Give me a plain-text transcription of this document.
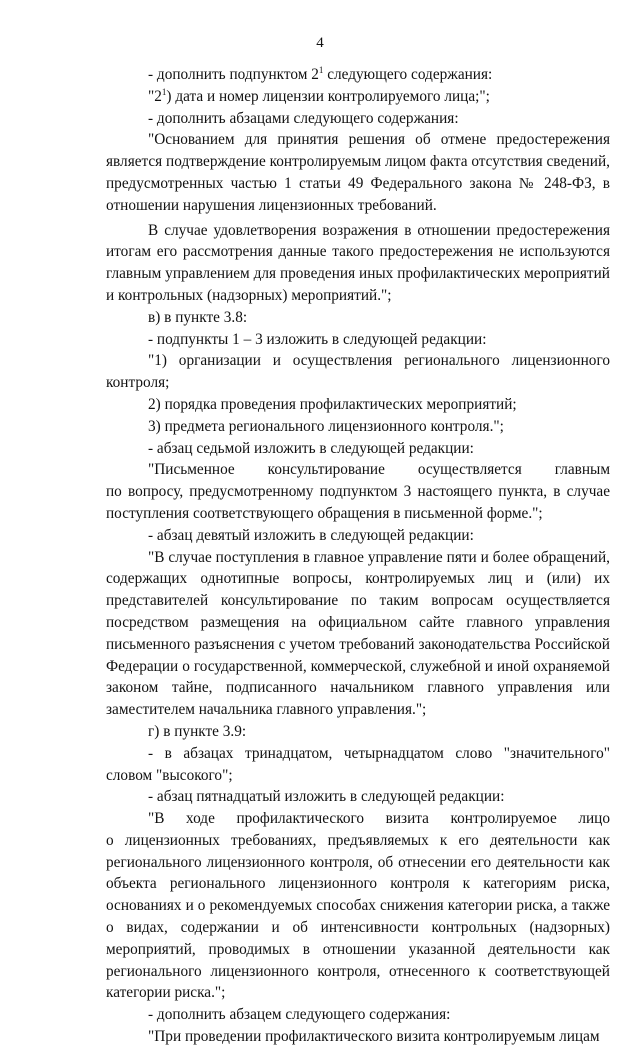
4
- дополнить подпунктом $2^1$ следующего содержания:
"$2^1$) дата и номер лицензии контролируемого лица;";
- дополнить абзацами следующего содержания:
"Основанием для принятия решения об отмене предостережения
является подтверждение контролируемым лицом факта отсутствия сведений,
предусмотренных частью 1 статьи 49 Федерального закона № 248-ФЗ, в
отношении нарушения лицензионных требований.
В случае удовлетворения возражения в отношении предостережения
итогам его рассмотрения данные такого предостережения не используются
главным управлением для проведения иных профилактических мероприятий
и контрольных (надзорных) мероприятий.";
в) в пункте 3.8:
- подпункты 1 – 3 изложить в следующей редакции:
"1) организации и осуществления регионального лицензионного
контроля;
2) порядка проведения профилактических мероприятий;
3) предмета регионального лицензионного контроля.";
- абзац седьмой изложить в следующей редакции:
"Письменное консультирование осуществляется главным
по вопросу, предусмотренному подпунктом 3 настоящего пункта, в случае
поступления соответствующего обращения в письменной форме.";
- абзац девятый изложить в следующей редакции:
"В случае поступления в главное управление пяти и более обращений,
содержащих однотипные вопросы, контролируемых лиц и (или) их
представителей консультирование по таким вопросам осуществляется
посредством размещения на официальном сайте главного управления
письменного разъяснения с учетом требований законодательства Российской
Федерации о государственной, коммерческой, служебной и иной охраняемой
законом тайне, подписанного начальником главного управления или
заместителем начальника главного управления.";
г) в пункте 3.9:
- в абзацах тринадцатом, четырнадцатом слово "значительного"
словом "высокого";
- абзац пятнадцатый изложить в следующей редакции:
"В ходе профилактического визита контролируемое лицо
о лицензионных требованиях, предъявляемых к его деятельности как
регионального лицензионного контроля, об отнесении его деятельности как
объекта регионального лицензионного контроля к категориям риска,
основаниях и о рекомендуемых способах снижения категории риска, а также
о видах, содержании и об интенсивности контрольных (надзорных)
мероприятий, проводимых в отношении указанной деятельности как
регионального лицензионного контроля, отнесенного к соответствующей
категории риска.";
- дополнить абзацем следующего содержания:
"При проведении профилактического визита контролируемым лицам
